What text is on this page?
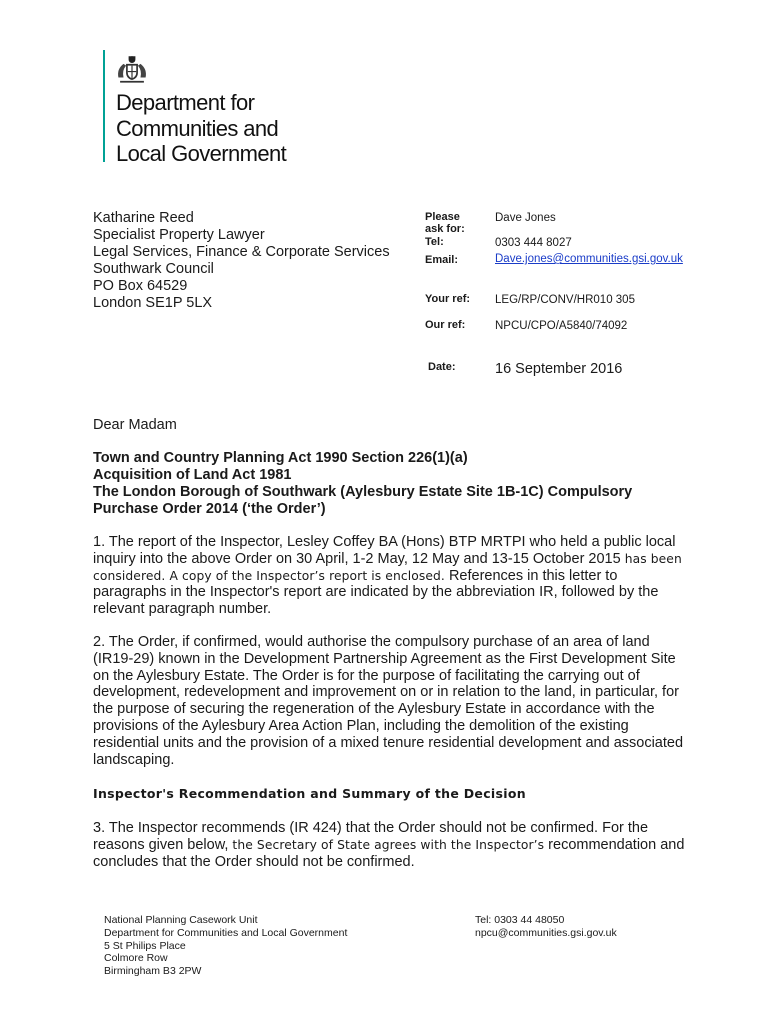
Department for
Communities and
Local Government
Katharine Reed
Specialist Property Lawyer
Legal Services, Finance & Corporate Services
Southwark Council
PO Box 64529
London SE1P 5LX
Please
ask for:
Dave Jones
Tel:	0303 444 8027
Email:	Dave.jones@communities.gsi.gov.uk
Your ref: LEG/RP/CONV/HR010 305
Our ref:	NPCU/CPO/A5840/74092
Date:	16 September 2016
Dear Madam
Town and Country Planning Act 1990 Section 226(1)(a)
Acquisition of Land Act 1981
The London Borough of Southwark (Aylesbury Estate Site 1B-1C) Compulsory
Purchase Order 2014 (‘the Order’)
1. The report of the Inspector, Lesley Coffey BA (Hons) BTP MRTPI who held a public local inquiry into the above Order on 30 April, 1-2 May, 12 May and 13-15 October 2015 has been considered. A copy of the Inspector’s report is enclosed. References in this letter to paragraphs in the Inspector's report are indicated by the abbreviation IR, followed by the relevant paragraph number.
2. The Order, if confirmed, would authorise the compulsory purchase of an area of land (IR19-29) known in the Development Partnership Agreement as the First Development Site on the Aylesbury Estate. The Order is for the purpose of facilitating the carrying out of development, redevelopment and improvement on or in relation to the land, in particular, for the purpose of securing the regeneration of the Aylesbury Estate in accordance with the provisions of the Aylesbury Area Action Plan, including the demolition of the existing residential units and the provision of a mixed tenure residential development and associated landscaping.
Inspector's Recommendation and Summary of the Decision
3. The Inspector recommends (IR 424) that the Order should not be confirmed. For the reasons given below, the Secretary of State agrees with the Inspector’s recommendation and concludes that the Order should not be confirmed.
National Planning Casework Unit
Department for Communities and Local Government
5 St Philips Place
Colmore Row
Birmingham B3 2PW
Tel: 0303 44 48050
npcu@communities.gsi.gov.uk
